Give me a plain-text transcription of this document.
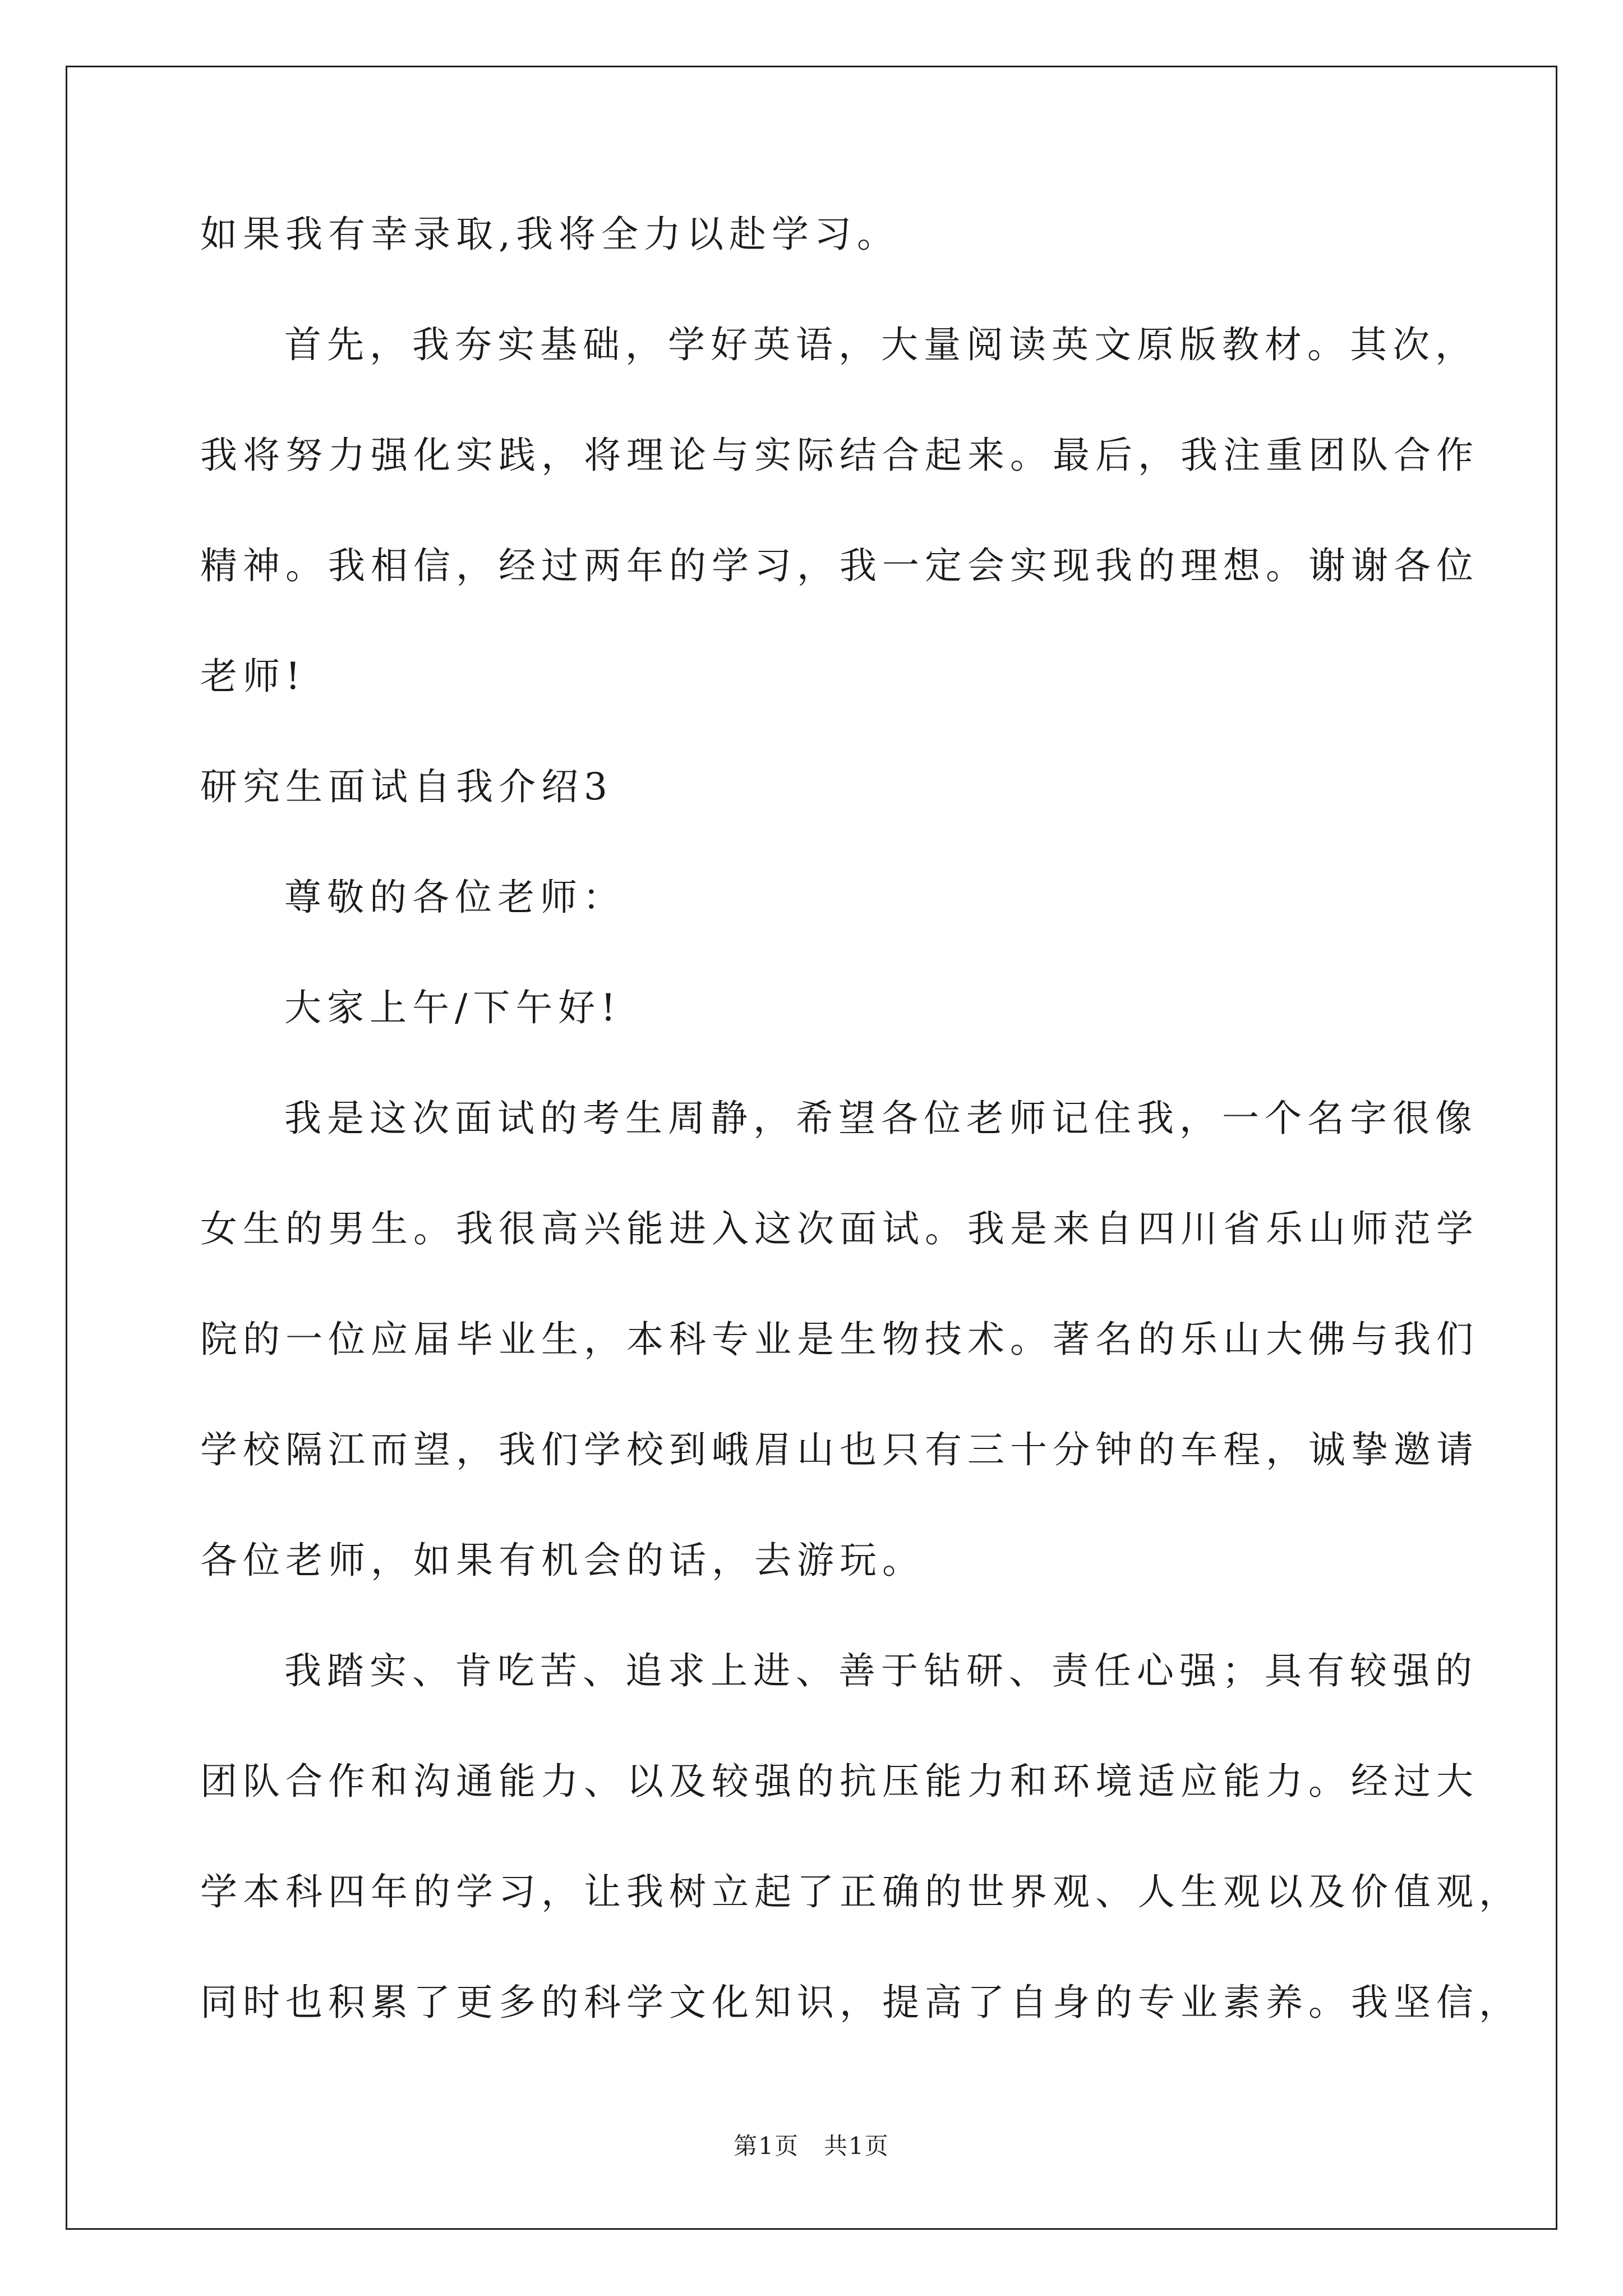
如果我有幸录取,我将全力以赴学习。
首先，我夯实基础，学好英语，大量阅读英文原版教材。其次，
我将努力强化实践，将理论与实际结合起来。最后，我注重团队合作
精神。我相信，经过两年的学习，我一定会实现我的理想。谢谢各位
老师!
研究生面试自我介绍3
尊敬的各位老师：
大家上午/下午好!
我是这次面试的考生周静，希望各位老师记住我，一个名字很像
女生的男生。我很高兴能进入这次面试。我是来自四川省乐山师范学
院的一位应届毕业生，本科专业是生物技术。著名的乐山大佛与我们
学校隔江而望，我们学校到峨眉山也只有三十分钟的车程，诚挚邀请
各位老师，如果有机会的话，去游玩。
我踏实、肯吃苦、追求上进、善于钻研、责任心强；具有较强的
团队合作和沟通能力、以及较强的抗压能力和环境适应能力。经过大
学本科四年的学习，让我树立起了正确的世界观、人生观以及价值观，
同时也积累了更多的科学文化知识，提高了自身的专业素养。我坚信，
第1页　共1页
